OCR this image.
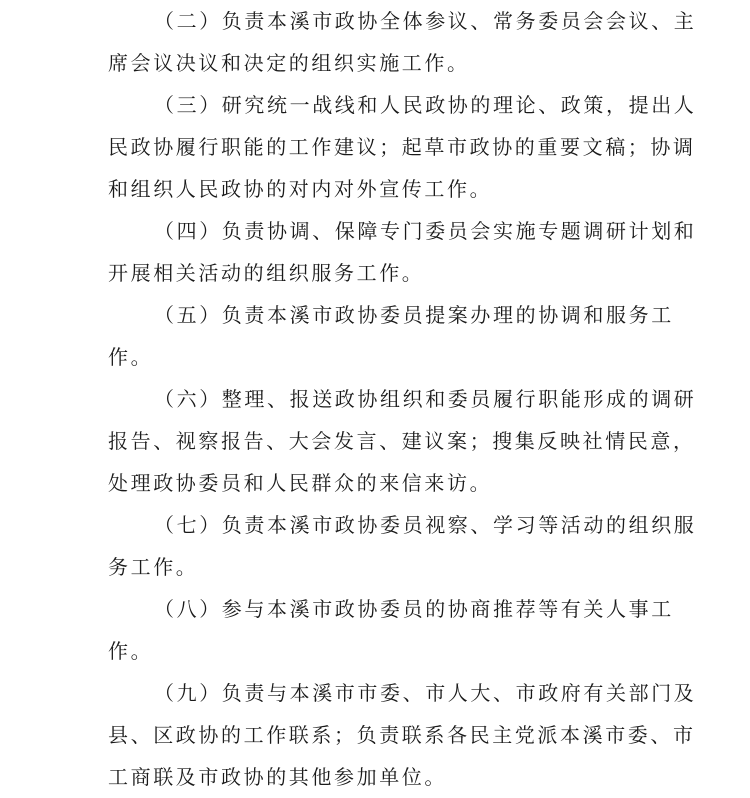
（二）负责本溪市政协全体参议、常务委员会会议、主
席会议决议和决定的组织实施工作。
（三）研究统一战线和人民政协的理论、政策，提出人
民政协履行职能的工作建议；起草市政协的重要文稿；协调
和组织人民政协的对内对外宣传工作。
（四）负责协调、保障专门委员会实施专题调研计划和
开展相关活动的组织服务工作。
（五）负责本溪市政协委员提案办理的协调和服务工
作。
（六）整理、报送政协组织和委员履行职能形成的调研
报告、视察报告、大会发言、建议案；搜集反映社情民意，
处理政协委员和人民群众的来信来访。
（七）负责本溪市政协委员视察、学习等活动的组织服
务工作。
（八）参与本溪市政协委员的协商推荐等有关人事工
作。
（九）负责与本溪市市委、市人大、市政府有关部门及
县、区政协的工作联系；负责联系各民主党派本溪市委、市
工商联及市政协的其他参加单位。
